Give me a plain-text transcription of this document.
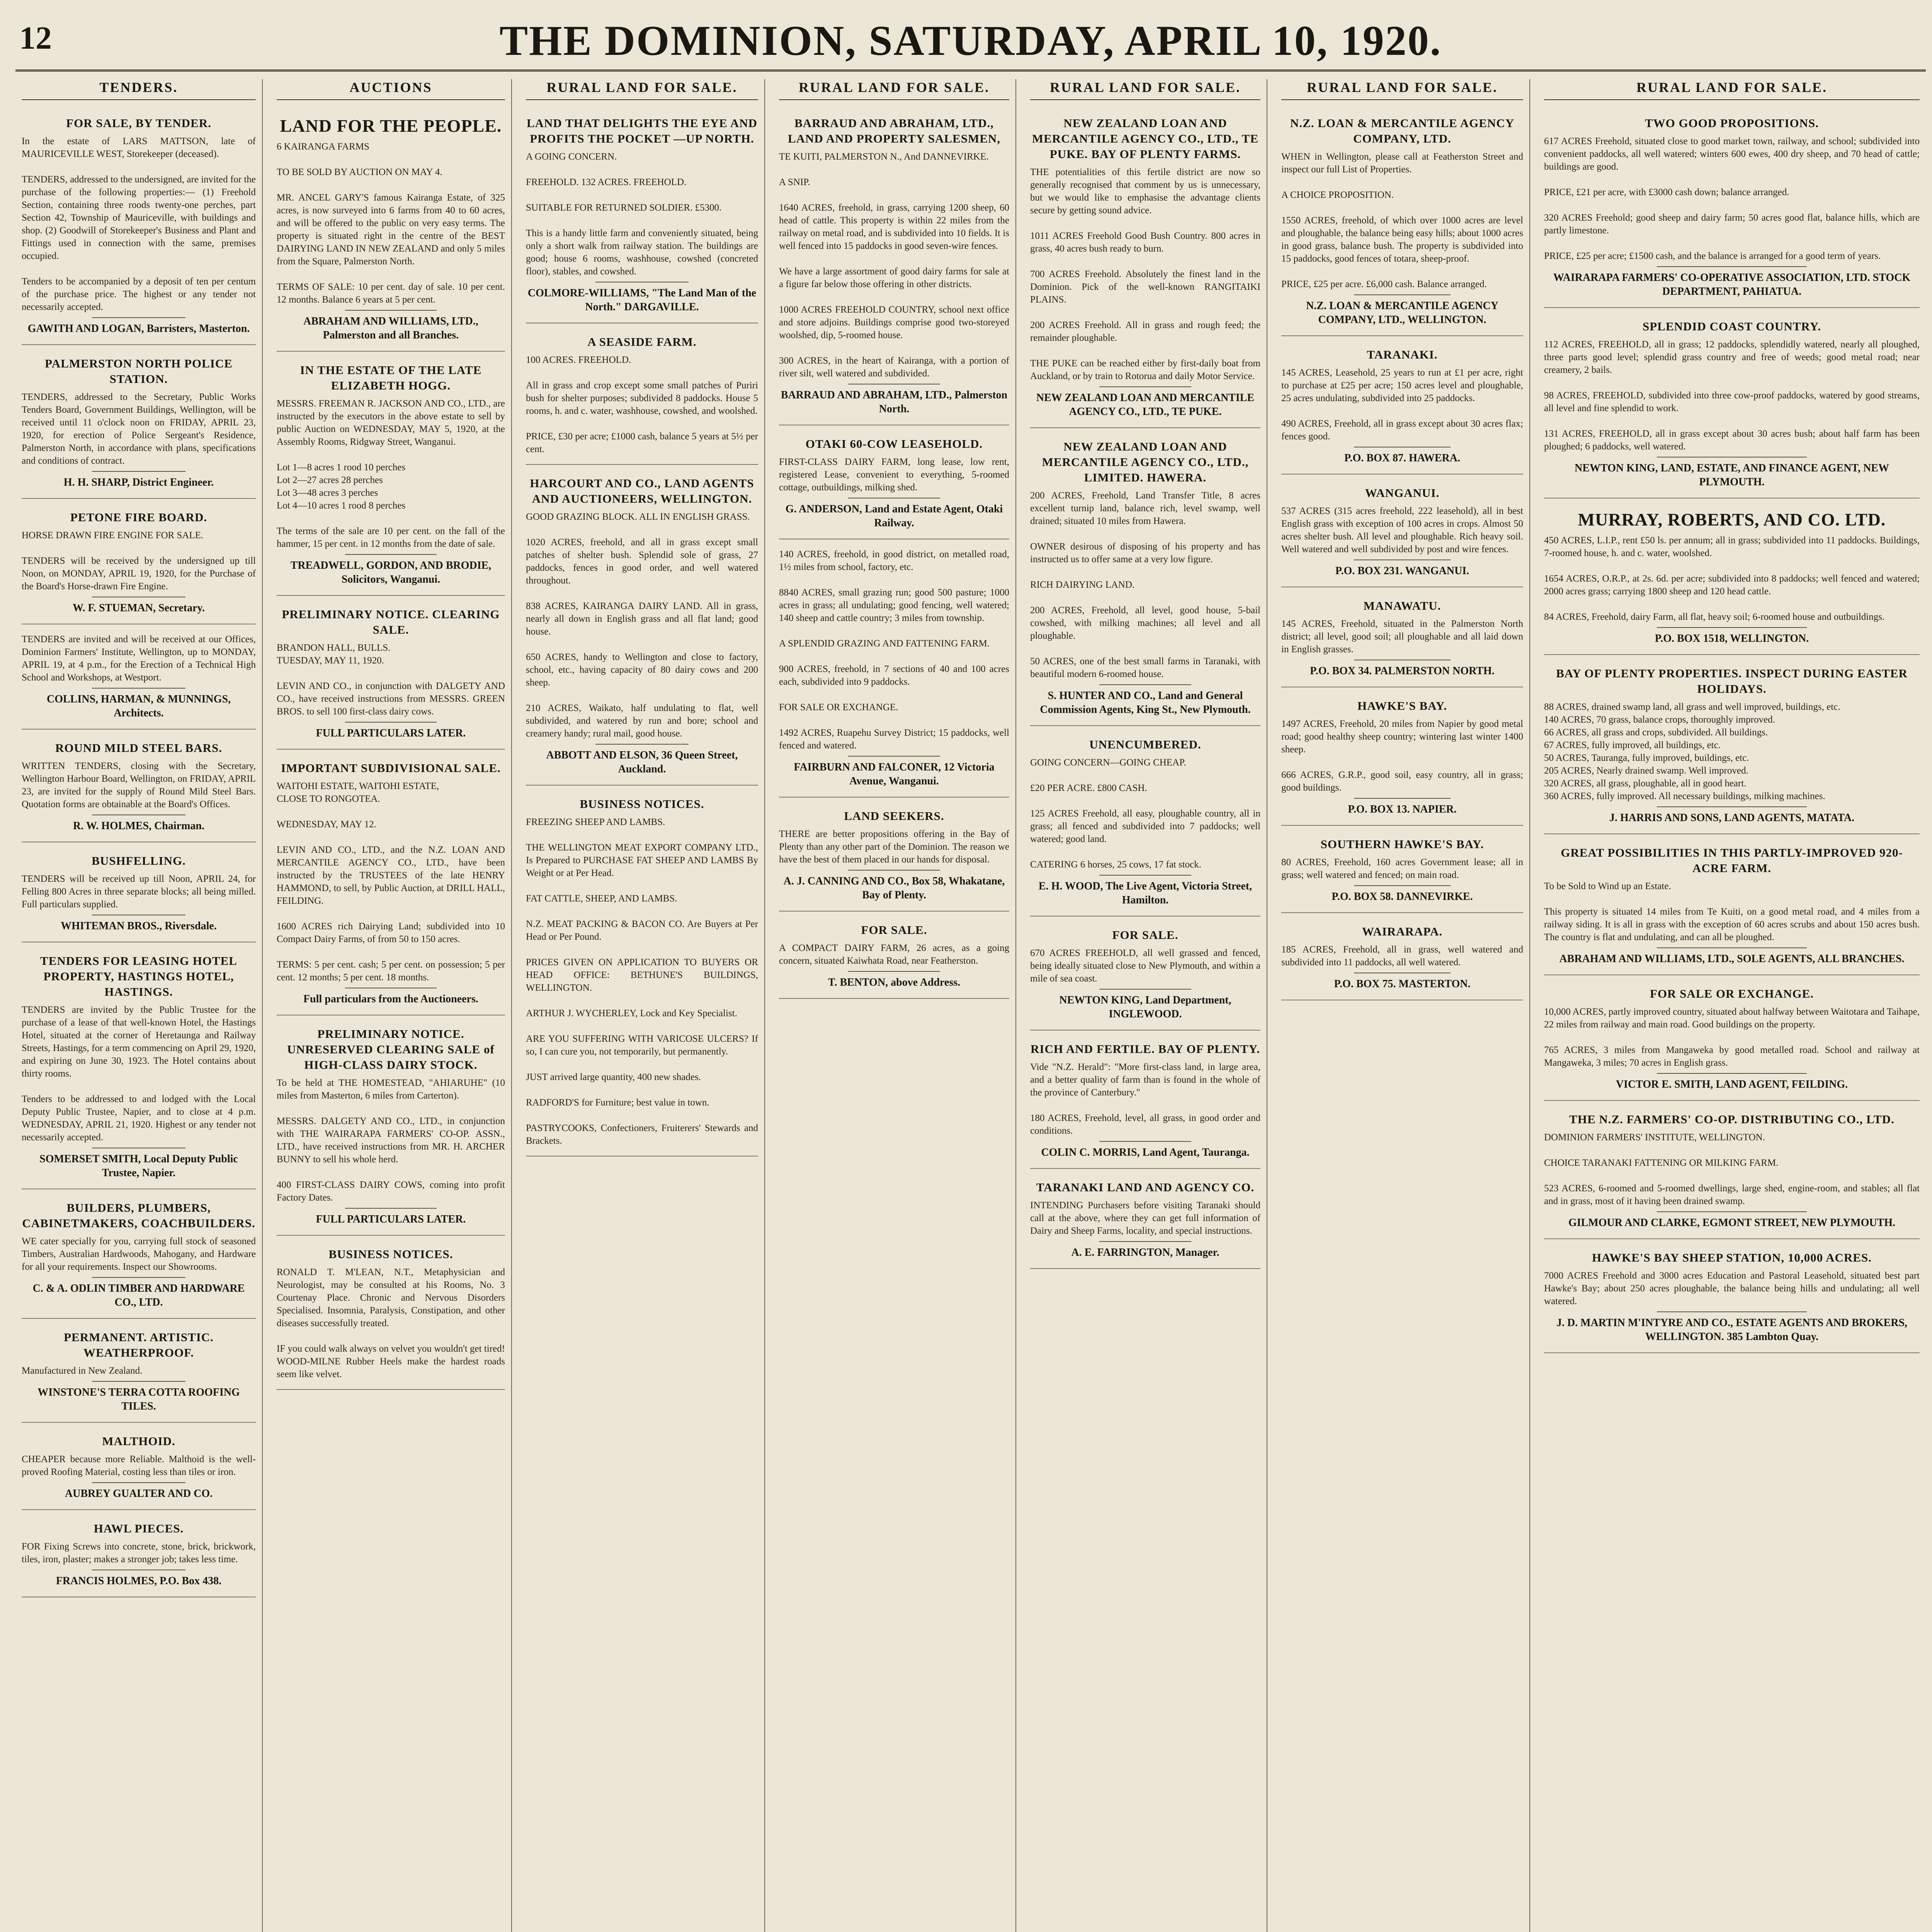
12	THE DOMINION, SATURDAY, APRIL 10, 1920.
TENDERS.
FOR SALE, BY TENDER.
In the estate of LARS MATTSON, late of MAURICEVILLE WEST, Storekeeper (deceased).

TENDERS, addressed to the undersigned, are invited for the purchase of the following properties:— (1) Freehold Section, containing three roods twenty-one perches, part Section 42, Township of Mauriceville, with buildings and shop. (2) Goodwill of Storekeeper's Business and Plant and Fittings used in connection with the same, premises occupied.

Tenders to be accompanied by a deposit of ten per centum of the purchase price. The highest or any tender not necessarily accepted.
GAWITH AND LOGAN, Barristers, Masterton.
PALMERSTON NORTH POLICE STATION.
TENDERS, addressed to the Secretary, Public Works Tenders Board, Government Buildings, Wellington, will be received until 11 o'clock noon on FRIDAY, APRIL 23, 1920, for erection of Police Sergeant's Residence, Palmerston North, in accordance with plans, specifications and conditions of contract.
H. H. SHARP, District Engineer.
PETONE FIRE BOARD.
HORSE DRAWN FIRE ENGINE FOR SALE.

TENDERS will be received by the undersigned up till Noon, on MONDAY, APRIL 19, 1920, for the Purchase of the Board's Horse-drawn Fire Engine.
W. F. STUEMAN, Secretary.
TENDERS are invited and will be received at our Offices, Dominion Farmers' Institute, Wellington, up to MONDAY, APRIL 19, at 4 p.m., for the Erection of a Technical High School and Workshops, at Westport.
COLLINS, HARMAN, & MUNNINGS, Architects.
ROUND MILD STEEL BARS.
WRITTEN TENDERS, closing with the Secretary, Wellington Harbour Board, Wellington, on FRIDAY, APRIL 23, are invited for the supply of Round Mild Steel Bars. Quotation forms are obtainable at the Board's Offices.
R. W. HOLMES, Chairman.
BUSHFELLING.
TENDERS will be received up till Noon, APRIL 24, for Felling 800 Acres in three separate blocks; all being milled. Full particulars supplied.
WHITEMAN BROS., Riversdale.
TENDERS FOR LEASING HOTEL PROPERTY, HASTINGS HOTEL, HASTINGS.
TENDERS are invited by the Public Trustee for the purchase of a lease of that well-known Hotel, the Hastings Hotel, situated at the corner of Heretaunga and Railway Streets, Hastings, for a term commencing on April 29, 1920, and expiring on June 30, 1923. The Hotel contains about thirty rooms.

Tenders to be addressed to and lodged with the Local Deputy Public Trustee, Napier, and to close at 4 p.m. WEDNESDAY, APRIL 21, 1920. Highest or any tender not necessarily accepted.
SOMERSET SMITH, Local Deputy Public Trustee, Napier.
BUILDERS, PLUMBERS, CABINETMAKERS, COACHBUILDERS.
WE cater specially for you, carrying full stock of seasoned Timbers, Australian Hardwoods, Mahogany, and Hardware for all your requirements. Inspect our Showrooms.
C. & A. ODLIN TIMBER AND HARDWARE CO., LTD.
PERMANENT. ARTISTIC. WEATHERPROOF.
Manufactured in New Zealand.
WINSTONE'S TERRA COTTA ROOFING TILES.
MALTHOID.
CHEAPER because more Reliable. Malthoid is the well-proved Roofing Material, costing less than tiles or iron.
AUBREY GUALTER AND CO.
HAWL PIECES.
FOR Fixing Screws into concrete, stone, brick, brickwork, tiles, iron, plaster; makes a stronger job; takes less time.
FRANCIS HOLMES, P.O. Box 438.
AUCTIONS
LAND FOR THE PEOPLE.
6 KAIRANGA FARMS

TO BE SOLD BY AUCTION ON MAY 4.

MR. ANCEL GARY'S famous Kairanga Estate, of 325 acres, is now surveyed into 6 farms from 40 to 60 acres, and will be offered to the public on very easy terms. The property is situated right in the centre of the BEST DAIRYING LAND IN NEW ZEALAND and only 5 miles from the Square, Palmerston North.

TERMS OF SALE: 10 per cent. day of sale. 10 per cent. 12 months. Balance 6 years at 5 per cent.
ABRAHAM AND WILLIAMS, LTD., Palmerston and all Branches.
IN THE ESTATE OF THE LATE ELIZABETH HOGG.
MESSRS. FREEMAN R. JACKSON AND CO., LTD., are instructed by the executors in the above estate to sell by public Auction on WEDNESDAY, MAY 5, 1920, at the Assembly Rooms, Ridgway Street, Wanganui.

Lot 1—8 acres 1 rood 10 perches
Lot 2—27 acres 28 perches
Lot 3—48 acres 3 perches
Lot 4—10 acres 1 rood 8 perches

The terms of the sale are 10 per cent. on the fall of the hammer, 15 per cent. in 12 months from the date of sale.
TREADWELL, GORDON, AND BRODIE, Solicitors, Wanganui.
PRELIMINARY NOTICE. CLEARING SALE.
BRANDON HALL, BULLS.
TUESDAY, MAY 11, 1920.

LEVIN AND CO., in conjunction with DALGETY AND CO., have received instructions from MESSRS. GREEN BROS. to sell 100 first-class dairy cows.
FULL PARTICULARS LATER.
IMPORTANT SUBDIVISIONAL SALE.
WAITOHI ESTATE, WAITOHI ESTATE,
CLOSE TO RONGOTEA.

WEDNESDAY, MAY 12.

LEVIN AND CO., LTD., and the N.Z. LOAN AND MERCANTILE AGENCY CO., LTD., have been instructed by the TRUSTEES of the late HENRY HAMMOND, to sell, by Public Auction, at DRILL HALL, FEILDING.

1600 ACRES rich Dairying Land; subdivided into 10 Compact Dairy Farms, of from 50 to 150 acres.

TERMS: 5 per cent. cash; 5 per cent. on possession; 5 per cent. 12 months; 5 per cent. 18 months.
Full particulars from the Auctioneers.
PRELIMINARY NOTICE. UNRESERVED CLEARING SALE of HIGH-CLASS DAIRY STOCK.
To be held at THE HOMESTEAD, "AHIARUHE" (10 miles from Masterton, 6 miles from Carterton).

MESSRS. DALGETY AND CO., LTD., in conjunction with THE WAIRARAPA FARMERS' CO-OP. ASSN., LTD., have received instructions from MR. H. ARCHER BUNNY to sell his whole herd.

400 FIRST-CLASS DAIRY COWS, coming into profit Factory Dates.
FULL PARTICULARS LATER.
BUSINESS NOTICES.
RONALD T. M'LEAN, N.T., Metaphysician and Neurologist, may be consulted at his Rooms, No. 3 Courtenay Place. Chronic and Nervous Disorders Specialised. Insomnia, Paralysis, Constipation, and other diseases successfully treated.

IF you could walk always on velvet you wouldn't get tired! WOOD-MILNE Rubber Heels make the hardest roads seem like velvet.
RURAL LAND FOR SALE.
LAND THAT DELIGHTS THE EYE AND PROFITS THE POCKET —UP NORTH.
A GOING CONCERN.

FREEHOLD. 132 ACRES. FREEHOLD.

SUITABLE FOR RETURNED SOLDIER. £5300.

This is a handy little farm and conveniently situated, being only a short walk from railway station. The buildings are good; house 6 rooms, washhouse, cowshed (concreted floor), stables, and cowshed.
COLMORE-WILLIAMS, "The Land Man of the North." DARGAVILLE.
A SEASIDE FARM.
100 ACRES. FREEHOLD.

All in grass and crop except some small patches of Puriri bush for shelter purposes; subdivided 8 paddocks. House 5 rooms, h. and c. water, washhouse, cowshed, and woolshed.

PRICE, £30 per acre; £1000 cash, balance 5 years at 5½ per cent.
HARCOURT AND CO., LAND AGENTS AND AUCTIONEERS, WELLINGTON.
GOOD GRAZING BLOCK. ALL IN ENGLISH GRASS.

1020 ACRES, freehold, and all in grass except small patches of shelter bush. Splendid sole of grass, 27 paddocks, fences in good order, and well watered throughout.

838 ACRES, KAIRANGA DAIRY LAND. All in grass, nearly all down in English grass and all flat land; good house.

650 ACRES, handy to Wellington and close to factory, school, etc., having capacity of 80 dairy cows and 200 sheep.

210 ACRES, Waikato, half undulating to flat, well subdivided, and watered by run and bore; school and creamery handy; rural mail, good house.
ABBOTT AND ELSON, 36 Queen Street, Auckland.
BUSINESS NOTICES.
FREEZING SHEEP AND LAMBS.

THE WELLINGTON MEAT EXPORT COMPANY LTD., Is Prepared to PURCHASE FAT SHEEP AND LAMBS By Weight or at Per Head.

FAT CATTLE, SHEEP, AND LAMBS.

N.Z. MEAT PACKING & BACON CO. Are Buyers at Per Head or Per Pound.

PRICES GIVEN ON APPLICATION TO BUYERS OR HEAD OFFICE: BETHUNE'S BUILDINGS, WELLINGTON.

ARTHUR J. WYCHERLEY, Lock and Key Specialist.

ARE YOU SUFFERING WITH VARICOSE ULCERS? If so, I can cure you, not temporarily, but permanently.

JUST arrived large quantity, 400 new shades.

RADFORD'S for Furniture; best value in town.

PASTRYCOOKS, Confectioners, Fruiterers' Stewards and Brackets.
RURAL LAND FOR SALE.
BARRAUD AND ABRAHAM, LTD., LAND AND PROPERTY SALESMEN,
TE KUITI, PALMERSTON N., And DANNEVIRKE.

A SNIP.

1640 ACRES, freehold, in grass, carrying 1200 sheep, 60 head of cattle. This property is within 22 miles from the railway on metal road, and is subdivided into 10 fields. It is well fenced into 15 paddocks in good seven-wire fences.

We have a large assortment of good dairy farms for sale at a figure far below those offering in other districts.

1000 ACRES FREEHOLD COUNTRY, school next office and store adjoins. Buildings comprise good two-storeyed woolshed, dip, 5-roomed house.

300 ACRES, in the heart of Kairanga, with a portion of river silt, well watered and subdivided.
BARRAUD AND ABRAHAM, LTD., Palmerston North.
OTAKI 60-COW LEASEHOLD.
FIRST-CLASS DAIRY FARM, long lease, low rent, registered Lease, convenient to everything, 5-roomed cottage, outbuildings, milking shed.
G. ANDERSON, Land and Estate Agent, Otaki Railway.
140 ACRES, freehold, in good district, on metalled road, 1½ miles from school, factory, etc.

8840 ACRES, small grazing run; good 500 pasture; 1000 acres in grass; all undulating; good fencing, well watered; 140 sheep and cattle country; 3 miles from township.

A SPLENDID GRAZING AND FATTENING FARM.

900 ACRES, freehold, in 7 sections of 40 and 100 acres each, subdivided into 9 paddocks.

FOR SALE OR EXCHANGE.

1492 ACRES, Ruapehu Survey District; 15 paddocks, well fenced and watered.
FAIRBURN AND FALCONER, 12 Victoria Avenue, Wanganui.
LAND SEEKERS.
THERE are better propositions offering in the Bay of Plenty than any other part of the Dominion. The reason we have the best of them placed in our hands for disposal.
A. J. CANNING AND CO., Box 58, Whakatane, Bay of Plenty.
FOR SALE.
A COMPACT DAIRY FARM, 26 acres, as a going concern, situated Kaiwhata Road, near Featherston.
T. BENTON, above Address.
RURAL LAND FOR SALE.
NEW ZEALAND LOAN AND MERCANTILE AGENCY CO., LTD., TE PUKE. BAY OF PLENTY FARMS.
THE potentialities of this fertile district are now so generally recognised that comment by us is unnecessary, but we would like to emphasise the advantage clients secure by getting sound advice.

1011 ACRES Freehold Good Bush Country. 800 acres in grass, 40 acres bush ready to burn.

700 ACRES Freehold. Absolutely the finest land in the Dominion. Pick of the well-known RANGITAIKI PLAINS.

200 ACRES Freehold. All in grass and rough feed; the remainder ploughable.

THE PUKE can be reached either by first-daily boat from Auckland, or by train to Rotorua and daily Motor Service.
NEW ZEALAND LOAN AND MERCANTILE AGENCY CO., LTD., TE PUKE.
NEW ZEALAND LOAN AND MERCANTILE AGENCY CO., LTD., LIMITED. HAWERA.
200 ACRES, Freehold, Land Transfer Title, 8 acres excellent turnip land, balance rich, level swamp, well drained; situated 10 miles from Hawera.

OWNER desirous of disposing of his property and has instructed us to offer same at a very low figure.

RICH DAIRYING LAND.

200 ACRES, Freehold, all level, good house, 5-bail cowshed, with milking machines; all level and all ploughable.

50 ACRES, one of the best small farms in Taranaki, with beautiful modern 6-roomed house.
S. HUNTER AND CO., Land and General Commission Agents, King St., New Plymouth.
UNENCUMBERED.
GOING CONCERN—GOING CHEAP.

£20 PER ACRE. £800 CASH.

125 ACRES Freehold, all easy, ploughable country, all in grass; all fenced and subdivided into 7 paddocks; well watered; good land.

CATERING 6 horses, 25 cows, 17 fat stock.
E. H. WOOD, The Live Agent, Victoria Street, Hamilton.
FOR SALE.
670 ACRES FREEHOLD, all well grassed and fenced, being ideally situated close to New Plymouth, and within a mile of sea coast.
NEWTON KING, Land Department, INGLEWOOD.
RICH AND FERTILE. BAY OF PLENTY.
Vide "N.Z. Herald": "More first-class land, in large area, and a better quality of farm than is found in the whole of the province of Canterbury."

180 ACRES, Freehold, level, all grass, in good order and conditions.
COLIN C. MORRIS, Land Agent, Tauranga.
TARANAKI LAND AND AGENCY CO.
INTENDING Purchasers before visiting Taranaki should call at the above, where they can get full information of Dairy and Sheep Farms, locality, and special instructions.
A. E. FARRINGTON, Manager.
RURAL LAND FOR SALE.
N.Z. LOAN & MERCANTILE AGENCY COMPANY, LTD.
WHEN in Wellington, please call at Featherston Street and inspect our full List of Properties.

A CHOICE PROPOSITION.

1550 ACRES, freehold, of which over 1000 acres are level and ploughable, the balance being easy hills; about 1000 acres in good grass, balance bush. The property is subdivided into 15 paddocks, good fences of totara, sheep-proof.

PRICE, £25 per acre. £6,000 cash. Balance arranged.
N.Z. LOAN & MERCANTILE AGENCY COMPANY, LTD., WELLINGTON.
TARANAKI.
145 ACRES, Leasehold, 25 years to run at £1 per acre, right to purchase at £25 per acre; 150 acres level and ploughable, 25 acres undulating, subdivided into 25 paddocks.

490 ACRES, Freehold, all in grass except about 30 acres flax; fences good.
P.O. BOX 87. HAWERA.
WANGANUI.
537 ACRES (315 acres freehold, 222 leasehold), all in best English grass with exception of 100 acres in crops. Almost 50 acres shelter bush. All level and ploughable. Rich heavy soil. Well watered and well subdivided by post and wire fences.
P.O. BOX 231. WANGANUI.
MANAWATU.
145 ACRES, Freehold, situated in the Palmerston North district; all level, good soil; all ploughable and all laid down in English grasses.
P.O. BOX 34. PALMERSTON NORTH.
HAWKE'S BAY.
1497 ACRES, Freehold, 20 miles from Napier by good metal road; good healthy sheep country; wintering last winter 1400 sheep.

666 ACRES, G.R.P., good soil, easy country, all in grass; good buildings.
P.O. BOX 13. NAPIER.
SOUTHERN HAWKE'S BAY.
80 ACRES, Freehold, 160 acres Government lease; all in grass; well watered and fenced; on main road.
P.O. BOX 58. DANNEVIRKE.
WAIRARAPA.
185 ACRES, Freehold, all in grass, well watered and subdivided into 11 paddocks, all well watered.
P.O. BOX 75. MASTERTON.
RURAL LAND FOR SALE.
TWO GOOD PROPOSITIONS.
617 ACRES Freehold, situated close to good market town, railway, and school; subdivided into convenient paddocks, all well watered; winters 600 ewes, 400 dry sheep, and 70 head of cattle; buildings are good.

PRICE, £21 per acre, with £3000 cash down; balance arranged.

320 ACRES Freehold; good sheep and dairy farm; 50 acres good flat, balance hills, which are partly limestone.

PRICE, £25 per acre; £1500 cash, and the balance is arranged for a good term of years.
WAIRARAPA FARMERS' CO-OPERATIVE ASSOCIATION, LTD. STOCK DEPARTMENT, PAHIATUA.
SPLENDID COAST COUNTRY.
112 ACRES, FREEHOLD, all in grass; 12 paddocks, splendidly watered, nearly all ploughed, three parts good level; splendid grass country and free of weeds; good metal road; near creamery, 2 bails.

98 ACRES, FREEHOLD, subdivided into three cow-proof paddocks, watered by good streams, all level and fine splendid to work.

131 ACRES, FREEHOLD, all in grass except about 30 acres bush; about half farm has been ploughed; 6 paddocks, well watered.
NEWTON KING, LAND, ESTATE, AND FINANCE AGENT, NEW PLYMOUTH.
MURRAY, ROBERTS, AND CO. LTD.
450 ACRES, L.I.P., rent £50 ls. per annum; all in grass; subdivided into 11 paddocks. Buildings, 7-roomed house, h. and c. water, woolshed.

1654 ACRES, O.R.P., at 2s. 6d. per acre; subdivided into 8 paddocks; well fenced and watered; 2000 acres grass; carrying 1800 sheep and 120 head cattle.

84 ACRES, Freehold, dairy Farm, all flat, heavy soil; 6-roomed house and outbuildings.
P.O. BOX 1518, WELLINGTON.
BAY OF PLENTY PROPERTIES. INSPECT DURING EASTER HOLIDAYS.
88 ACRES, drained swamp land, all grass and well improved, buildings, etc.
140 ACRES, 70 grass, balance crops, thoroughly improved.
66 ACRES, all grass and crops, subdivided. All buildings.
67 ACRES, fully improved, all buildings, etc.
50 ACRES, Tauranga, fully improved, buildings, etc.
205 ACRES, Nearly drained swamp. Well improved.
320 ACRES, all grass, ploughable, all in good heart.
360 ACRES, fully improved. All necessary buildings, milking machines.
J. HARRIS AND SONS, LAND AGENTS, MATATA.
GREAT POSSIBILITIES IN THIS PARTLY-IMPROVED 920-ACRE FARM.
To be Sold to Wind up an Estate.

This property is situated 14 miles from Te Kuiti, on a good metal road, and 4 miles from a railway siding. It is all in grass with the exception of 60 acres scrubs and about 150 acres bush. The country is flat and undulating, and can all be ploughed.
ABRAHAM AND WILLIAMS, LTD., SOLE AGENTS, ALL BRANCHES.
FOR SALE OR EXCHANGE.
10,000 ACRES, partly improved country, situated about halfway between Waitotara and Taihape, 22 miles from railway and main road. Good buildings on the property.

765 ACRES, 3 miles from Mangaweka by good metalled road. School and railway at Mangaweka, 3 miles; 70 acres in English grass.
VICTOR E. SMITH, LAND AGENT, FEILDING.
THE N.Z. FARMERS' CO-OP. DISTRIBUTING CO., LTD.
DOMINION FARMERS' INSTITUTE, WELLINGTON.

CHOICE TARANAKI FATTENING OR MILKING FARM.

523 ACRES, 6-roomed and 5-roomed dwellings, large shed, engine-room, and stables; all flat and in grass, most of it having been drained swamp.
GILMOUR AND CLARKE, EGMONT STREET, NEW PLYMOUTH.
HAWKE'S BAY SHEEP STATION, 10,000 ACRES.
7000 ACRES Freehold and 3000 acres Education and Pastoral Leasehold, situated best part Hawke's Bay; about 250 acres ploughable, the balance being hills and undulating; all well watered.
J. D. MARTIN M'INTYRE AND CO., ESTATE AGENTS AND BROKERS, WELLINGTON. 385 Lambton Quay.
